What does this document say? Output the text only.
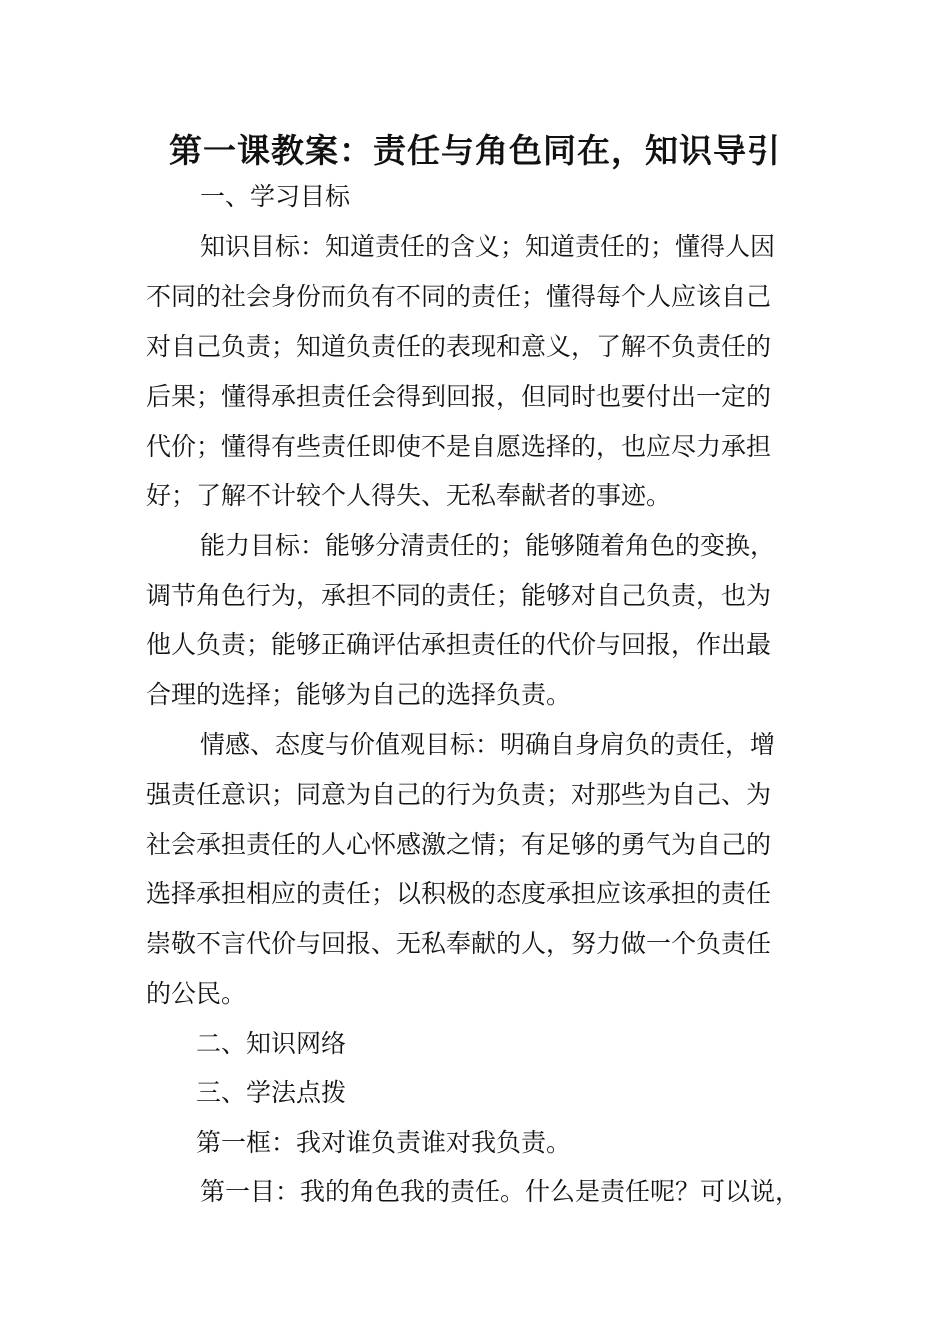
第一课教案：责任与角色同在，知识导引
一、学习目标
知识目标：知道责任的含义；知道责任的；懂得人因
不同的社会身份而负有不同的责任；懂得每个人应该自己
对自己负责；知道负责任的表现和意义，了解不负责任的
后果；懂得承担责任会得到回报，但同时也要付出一定的
代价；懂得有些责任即使不是自愿选择的，也应尽力承担
好；了解不计较个人得失、无私奉献者的事迹。
能力目标：能够分清责任的；能够随着角色的变换，
调节角色行为，承担不同的责任；能够对自己负责，也为
他人负责；能够正确评估承担责任的代价与回报，作出最
合理的选择；能够为自己的选择负责。
情感、态度与价值观目标：明确自身肩负的责任，增
强责任意识；同意为自己的行为负责；对那些为自己、为
社会承担责任的人心怀感激之情；有足够的勇气为自己的
选择承担相应的责任；以积极的态度承担应该承担的责任
崇敬不言代价与回报、无私奉献的人，努力做一个负责任
的公民。
二、知识网络
三、学法点拨
第一框：我对谁负责谁对我负责。
第一目：我的角色我的责任。什么是责任呢？可以说，
